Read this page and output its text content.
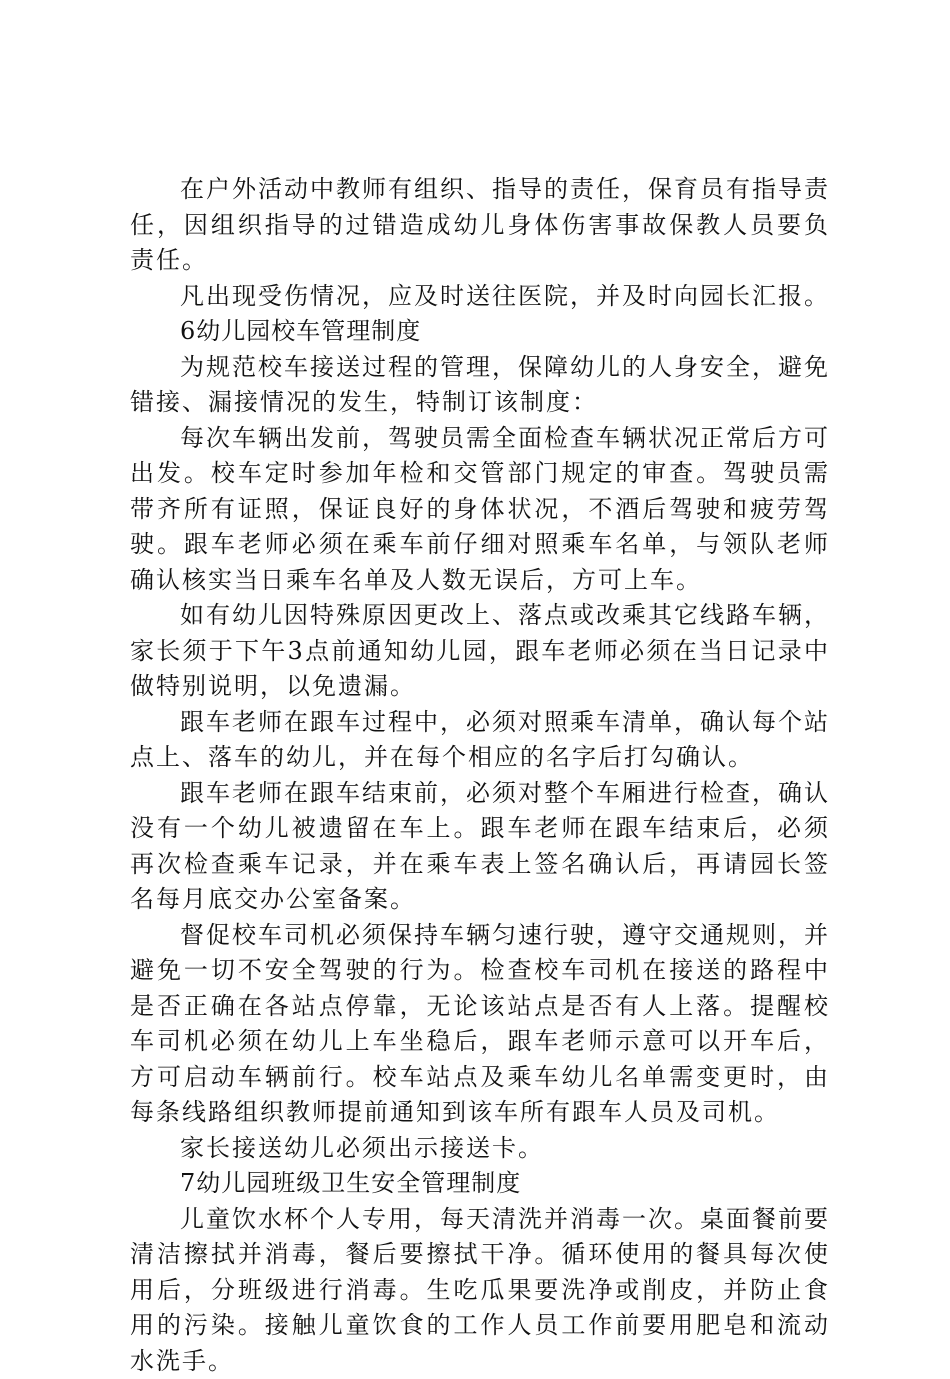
在户外活动中教师有组织、指导的责任，保育员有指导责任，因组织指导的过错造成幼儿身体伤害事故保教人员要负责任。

凡出现受伤情况，应及时送往医院，并及时向园长汇报。

6幼儿园校车管理制度

为规范校车接送过程的管理，保障幼儿的人身安全，避免错接、漏接情况的发生，特制订该制度：

每次车辆出发前，驾驶员需全面检查车辆状况正常后方可出发。校车定时参加年检和交管部门规定的审查。驾驶员需带齐所有证照，保证良好的身体状况，不酒后驾驶和疲劳驾驶。跟车老师必须在乘车前仔细对照乘车名单，与领队老师确认核实当日乘车名单及人数无误后，方可上车。

如有幼儿因特殊原因更改上、落点或改乘其它线路车辆，家长须于下午3点前通知幼儿园，跟车老师必须在当日记录中做特别说明，以免遗漏。

跟车老师在跟车过程中，必须对照乘车清单，确认每个站点上、落车的幼儿，并在每个相应的名字后打勾确认。

跟车老师在跟车结束前，必须对整个车厢进行检查，确认没有一个幼儿被遗留在车上。跟车老师在跟车结束后，必须再次检查乘车记录，并在乘车表上签名确认后，再请园长签名每月底交办公室备案。

督促校车司机必须保持车辆匀速行驶，遵守交通规则，并避免一切不安全驾驶的行为。检查校车司机在接送的路程中是否正确在各站点停靠，无论该站点是否有人上落。提醒校车司机必须在幼儿上车坐稳后，跟车老师示意可以开车后，方可启动车辆前行。校车站点及乘车幼儿名单需变更时，由每条线路组织教师提前通知到该车所有跟车人员及司机。

家长接送幼儿必须出示接送卡。

7幼儿园班级卫生安全管理制度

儿童饮水杯个人专用，每天清洗并消毒一次。桌面餐前要清洁擦拭并消毒，餐后要擦拭干净。循环使用的餐具每次使用后，分班级进行消毒。生吃瓜果要洗净或削皮，并防止食用的污染。接触儿童饮食的工作人员工作前要用肥皂和流动水洗手。
